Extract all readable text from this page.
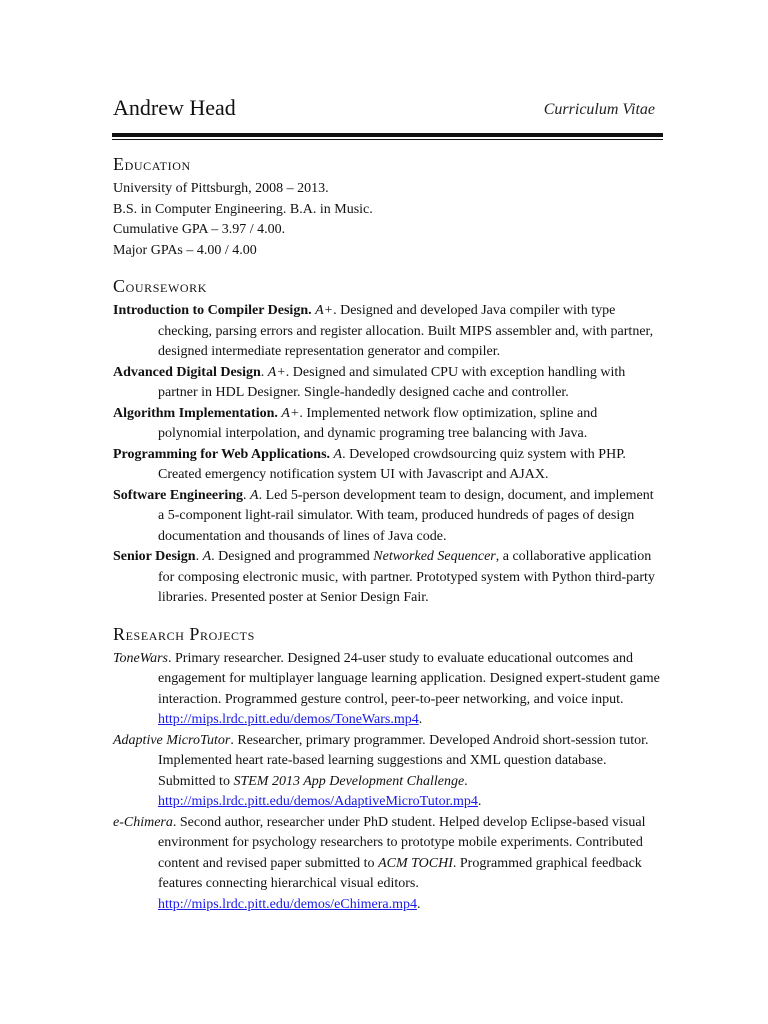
Andrew Head	Curriculum Vitae
Education

University of Pittsburgh, 2008 – 2013.

B.S. in Computer Engineering. B.A. in Music.

Cumulative GPA – 3.97 / 4.00.

Major GPAs – 4.00 / 4.00

Coursework

Introduction to Compiler Design. A+. Designed and developed Java compiler with type checking, parsing errors and register allocation. Built MIPS assembler and, with partner, designed intermediate representation generator and compiler.

Advanced Digital Design. A+. Designed and simulated CPU with exception handling with partner in HDL Designer. Single-handedly designed cache and controller.

Algorithm Implementation. A+. Implemented network flow optimization, spline and polynomial interpolation, and dynamic programing tree balancing with Java.

Programming for Web Applications. A. Developed crowdsourcing quiz system with PHP. Created emergency notification system UI with Javascript and AJAX.

Software Engineering. A. Led 5-person development team to design, document, and implement a 5-component light-rail simulator. With team, produced hundreds of pages of design documentation and thousands of lines of Java code.

Senior Design. A. Designed and programmed Networked Sequencer, a collaborative application for composing electronic music, with partner. Prototyped system with Python third-party libraries. Presented poster at Senior Design Fair.

Research Projects

ToneWars. Primary researcher. Designed 24-user study to evaluate educational outcomes and engagement for multiplayer language learning application. Designed expert-student game interaction. Programmed gesture control, peer-to-peer networking, and voice input. http://mips.lrdc.pitt.edu/demos/ToneWars.mp4.

Adaptive MicroTutor. Researcher, primary programmer. Developed Android short-session tutor. Implemented heart rate-based learning suggestions and XML question database. Submitted to STEM 2013 App Development Challenge. http://mips.lrdc.pitt.edu/demos/AdaptiveMicroTutor.mp4.

e-Chimera. Second author, researcher under PhD student. Helped develop Eclipse-based visual environment for psychology researchers to prototype mobile experiments. Contributed content and revised paper submitted to ACM TOCHI. Programmed graphical feedback features connecting hierarchical visual editors. http://mips.lrdc.pitt.edu/demos/eChimera.mp4.
